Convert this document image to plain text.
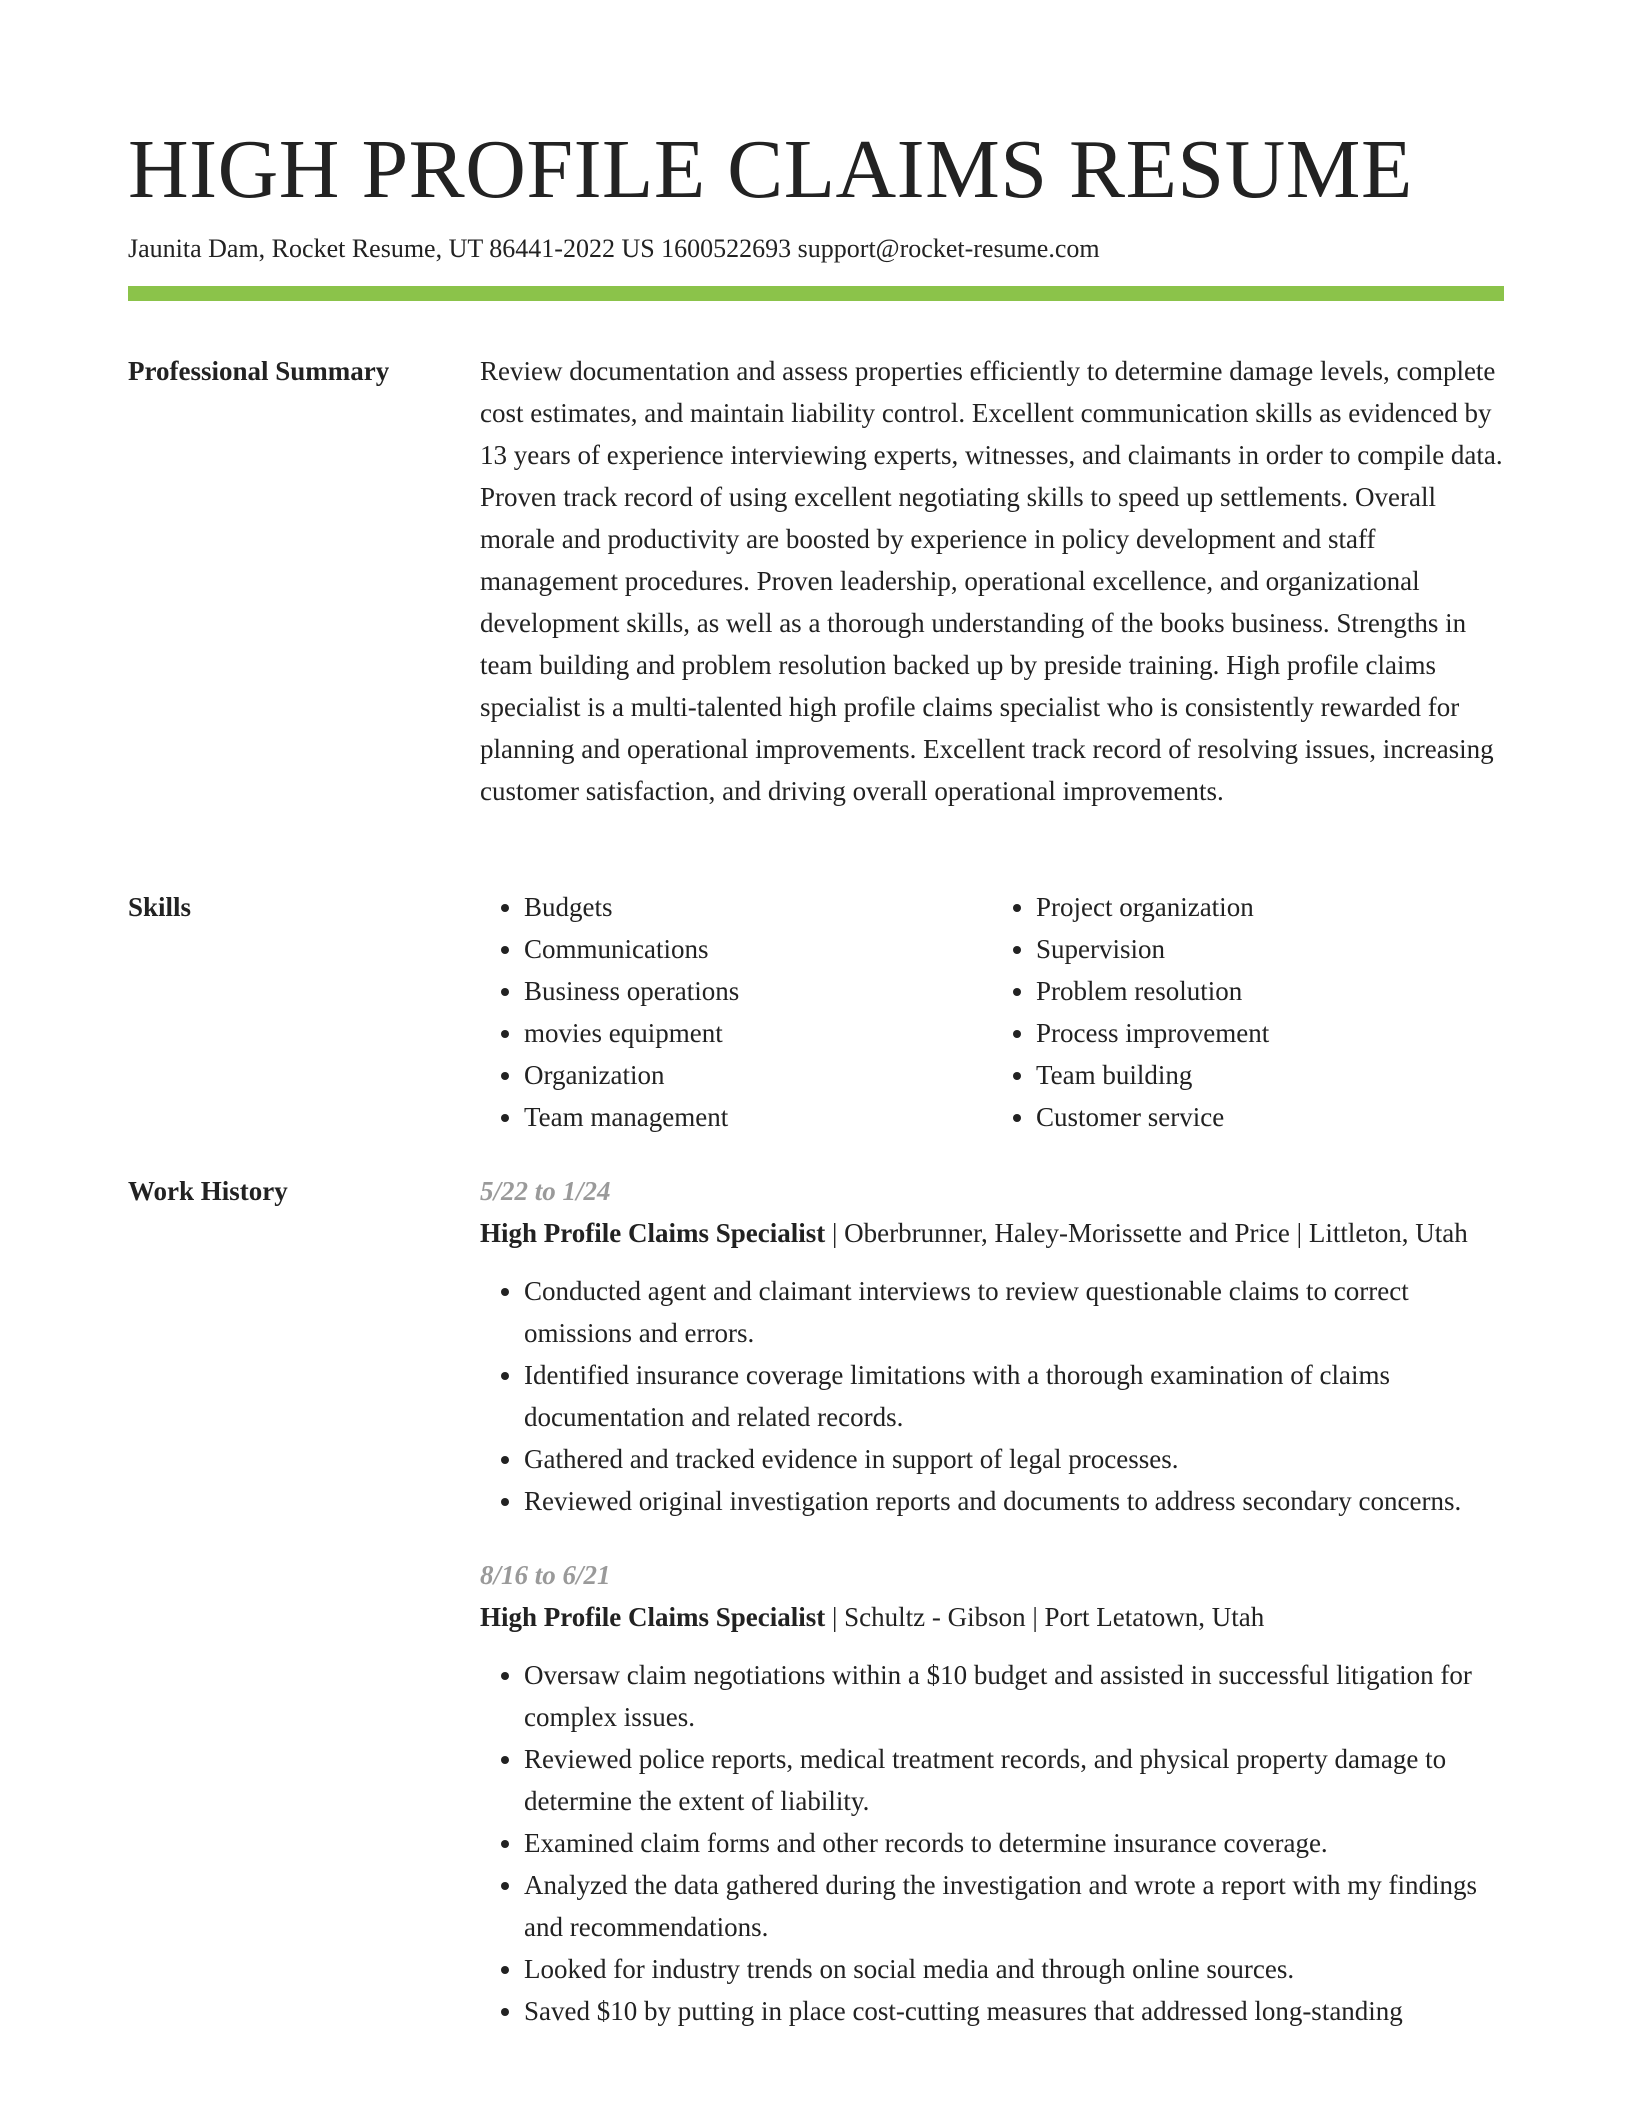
HIGH PROFILE CLAIMS RESUME
Jaunita Dam, Rocket Resume, UT 86441-2022 US 1600522693 support@rocket-resume.com
Professional Summary	Review documentation and assess properties efficiently to determine damage levels, complete cost estimates, and maintain liability control. Excellent communication skills as evidenced by 13 years of experience interviewing experts, witnesses, and claimants in order to compile data. Proven track record of using excellent negotiating skills to speed up settlements. Overall morale and productivity are boosted by experience in policy development and staff management procedures. Proven leadership, operational excellence, and organizational development skills, as well as a thorough understanding of the books business. Strengths in team building and problem resolution backed up by preside training. High profile claims specialist is a multi-talented high profile claims specialist who is consistently rewarded for planning and operational improvements. Excellent track record of resolving issues, increasing customer satisfaction, and driving overall operational improvements.

Skills
•	Budgets
• Communications
• Business operations
• movies equipment
• Organization
• Team management
• Project organization
• Supervision
• Problem resolution
• Process improvement
• Team building
• Customer service
Work History	5/22 to 1/24
High Profile Claims Specialist | Oberbrunner, Haley-Morissette and Price | Littleton, Utah
• Conducted agent and claimant interviews to review questionable claims to correct omissions and errors.
• Identified insurance coverage limitations with a thorough examination of claims documentation and related records.
• Gathered and tracked evidence in support of legal processes.
• Reviewed original investigation reports and documents to address secondary concerns.
8/16 to 6/21
High Profile Claims Specialist | Schultz - Gibson | Port Letatown, Utah
• Oversaw claim negotiations within a $10 budget and assisted in successful litigation for complex issues.
• Reviewed police reports, medical treatment records, and physical property damage to determine the extent of liability.
• Examined claim forms and other records to determine insurance coverage.
• Analyzed the data gathered during the investigation and wrote a report with my findings and recommendations.
• Looked for industry trends on social media and through online sources.
• Saved $10 by putting in place cost-cutting measures that addressed long-standing
